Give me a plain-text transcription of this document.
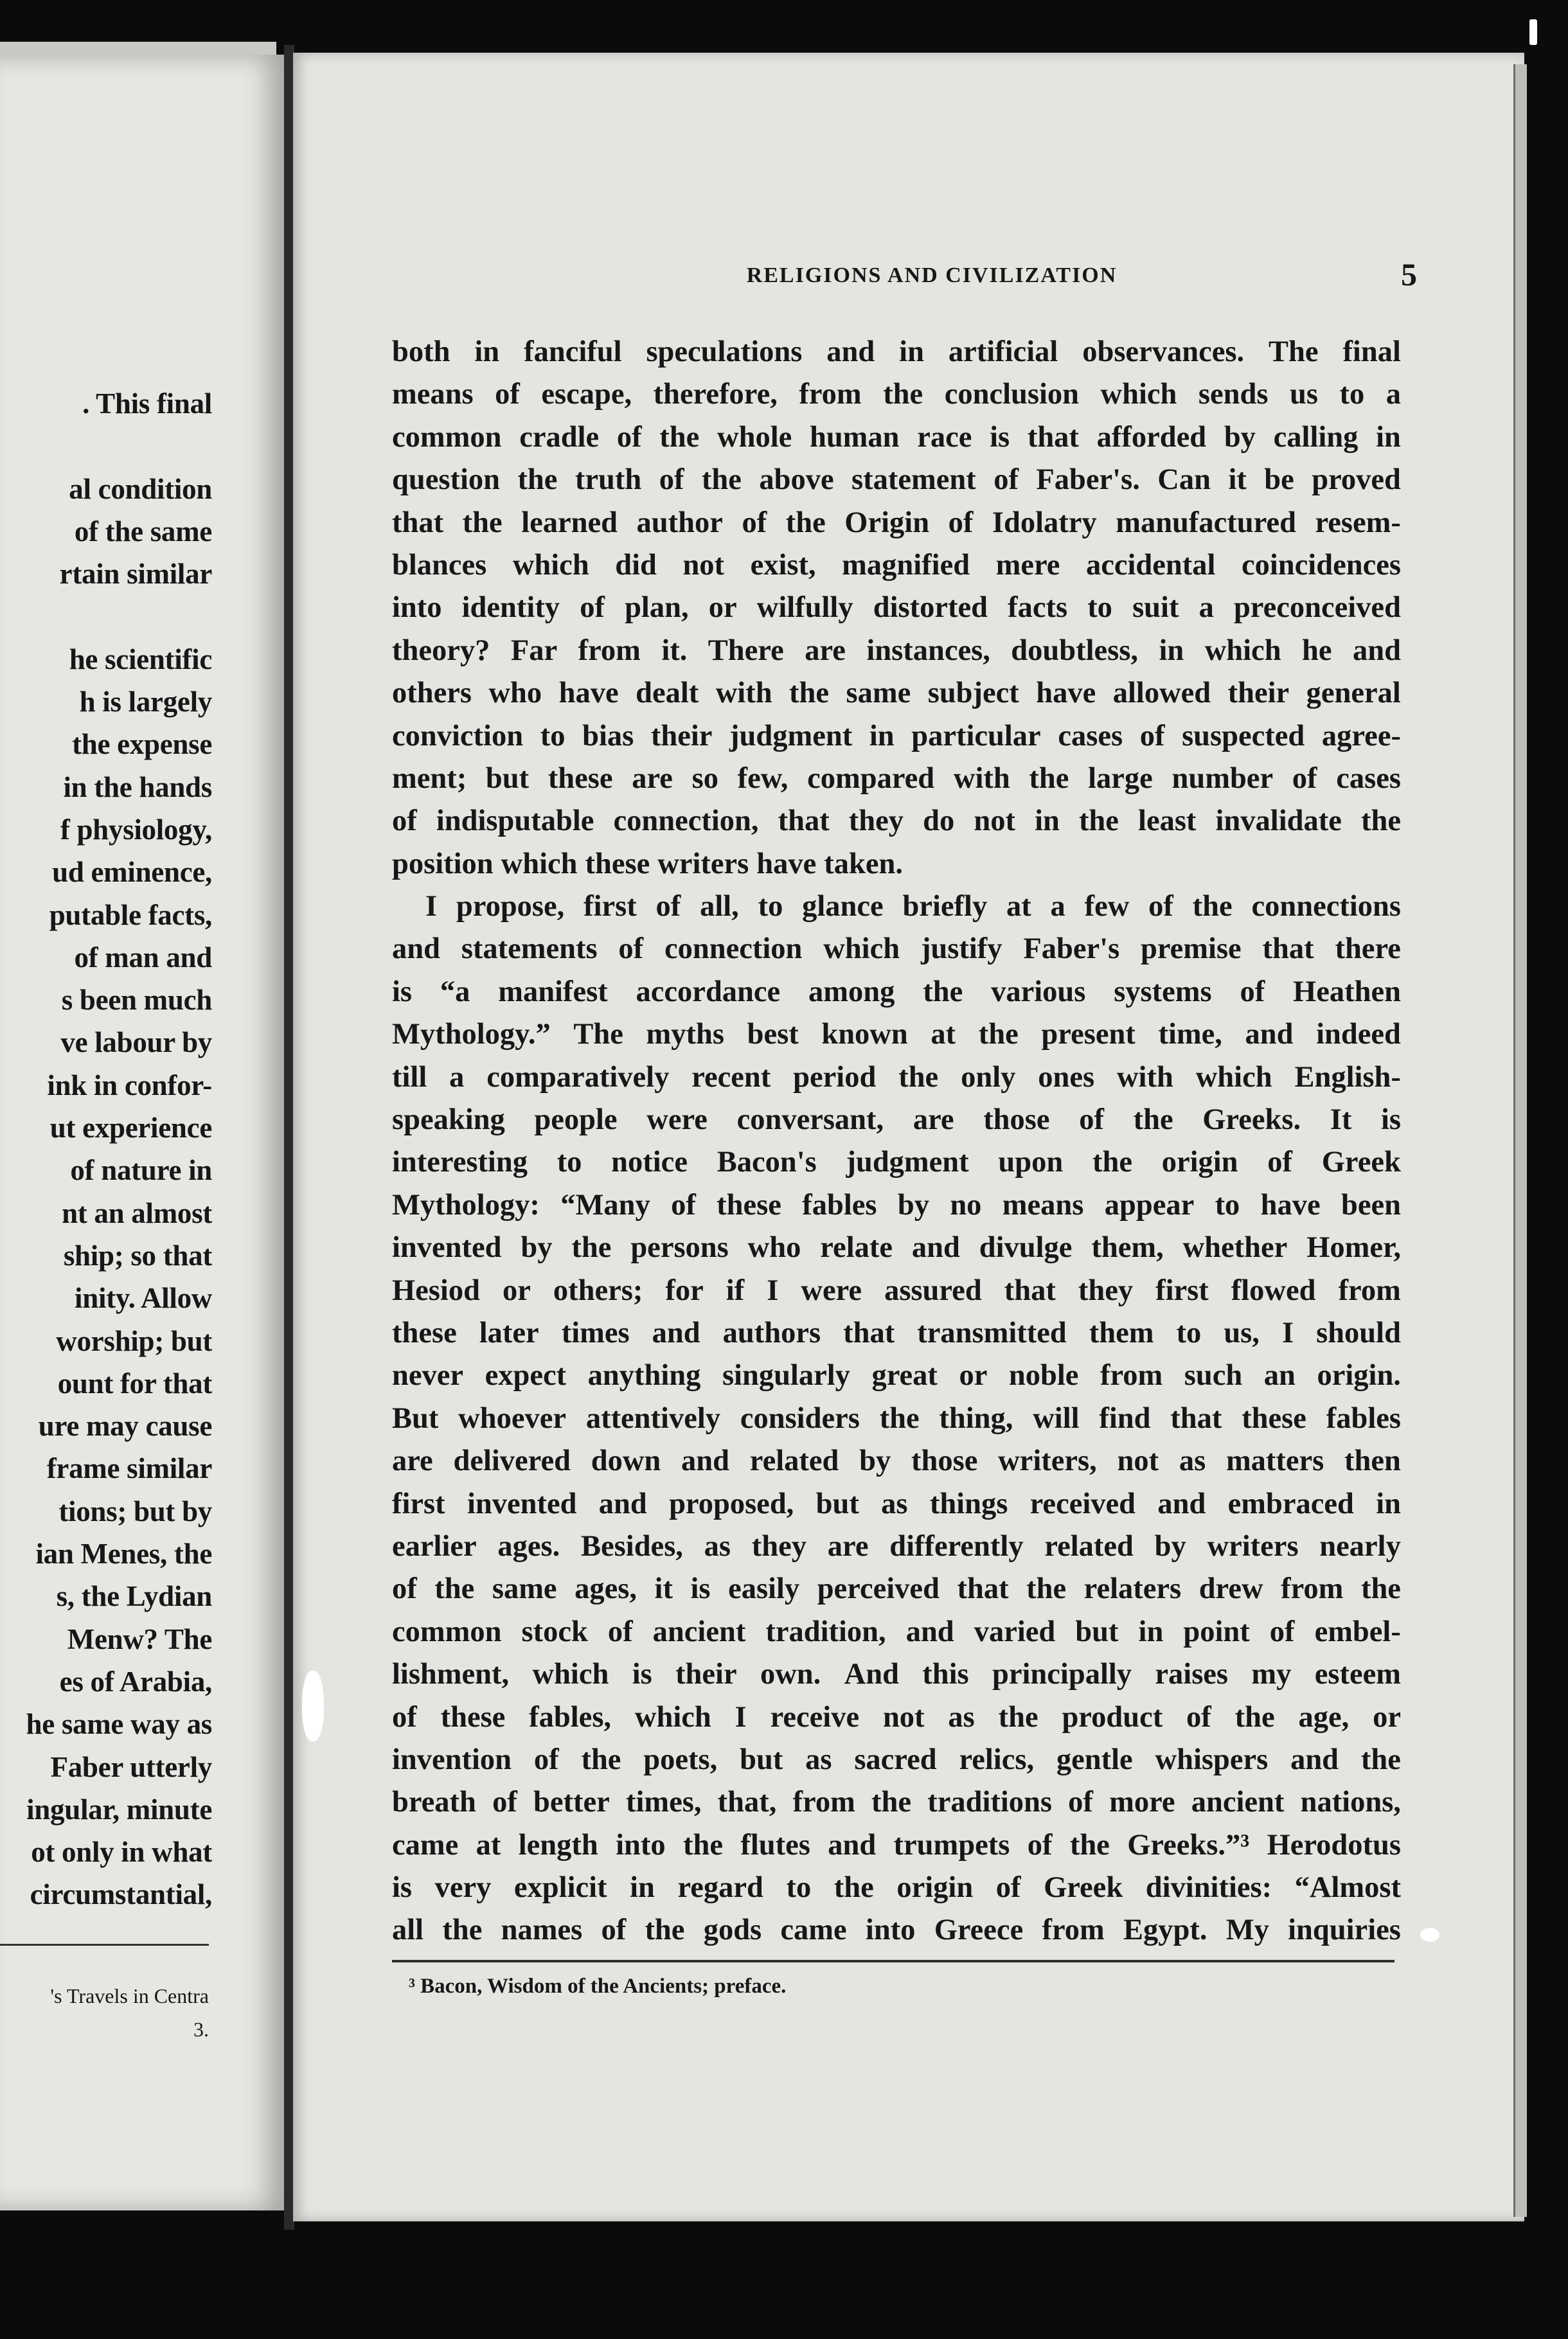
. This final
al condition
of the same
rtain similar
he scientific
h is largely
the expense
in the hands
f physiology,
ud eminence,
putable facts,
of man and
s been much
ve labour by
ink in confor-
ut experience
of nature in
nt an almost
ship; so that
inity. Allow
worship; but
ount for that
ure may cause
frame similar
tions; but by
ian Menes, the
s, the Lydian
Menw? The
es of Arabia,
he same way as
Faber utterly
ingular, minute
ot only in what
circumstantial,
's Travels in Centra
3.
RELIGIONS AND CIVILIZATION	5
both in fanciful speculations and in artificial observances. The final
means of escape, therefore, from the conclusion which sends us to a
common cradle of the whole human race is that afforded by calling in
question the truth of the above statement of Faber's. Can it be proved
that the learned author of the Origin of Idolatry manufactured resem-
blances which did not exist, magnified mere accidental coincidences
into identity of plan, or wilfully distorted facts to suit a preconceived
theory? Far from it. There are instances, doubtless, in which he and
others who have dealt with the same subject have allowed their general
conviction to bias their judgment in particular cases of suspected agree-
ment; but these are so few, compared with the large number of cases
of indisputable connection, that they do not in the least invalidate the
position which these writers have taken.
I propose, first of all, to glance briefly at a few of the connections
and statements of connection which justify Faber's premise that there
is “a manifest accordance among the various systems of Heathen
Mythology.” The myths best known at the present time, and indeed
till a comparatively recent period the only ones with which English-
speaking people were conversant, are those of the Greeks. It is
interesting to notice Bacon's judgment upon the origin of Greek
Mythology: “Many of these fables by no means appear to have been
invented by the persons who relate and divulge them, whether Homer,
Hesiod or others; for if I were assured that they first flowed from
these later times and authors that transmitted them to us, I should
never expect anything singularly great or noble from such an origin.
But whoever attentively considers the thing, will find that these fables
are delivered down and related by those writers, not as matters then
first invented and proposed, but as things received and embraced in
earlier ages. Besides, as they are differently related by writers nearly
of the same ages, it is easily perceived that the relaters drew from the
common stock of ancient tradition, and varied but in point of embel-
lishment, which is their own. And this principally raises my esteem
of these fables, which I receive not as the product of the age, or
invention of the poets, but as sacred relics, gentle whispers and the
breath of better times, that, from the traditions of more ancient nations,
came at length into the flutes and trumpets of the Greeks.”³ Herodotus
is very explicit in regard to the origin of Greek divinities: “Almost
all the names of the gods came into Greece from Egypt. My inquiries
³ Bacon, Wisdom of the Ancients; preface.
